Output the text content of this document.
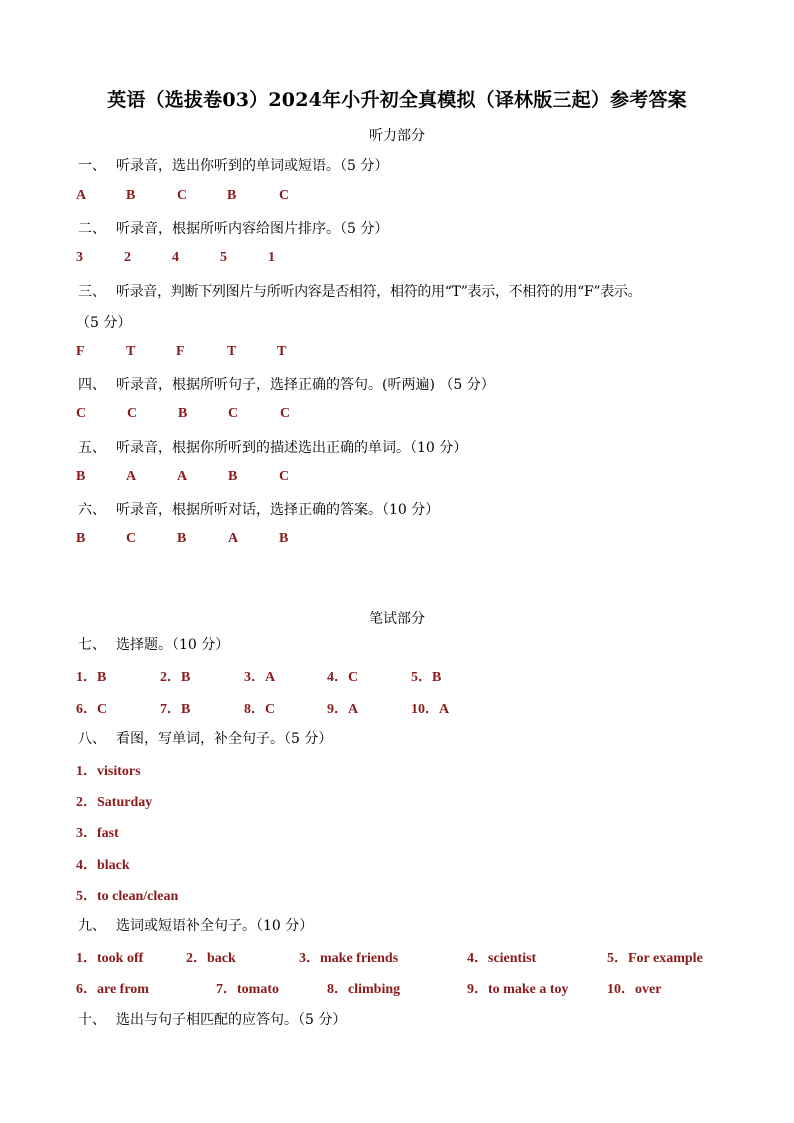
英语（选拔卷03）2024年小升初全真模拟（译林版三起）参考答案
听力部分
一、 听录音，选出你听到的单词或短语。（5 分）
A	B	C	B	C
二、 听录音，根据所听内容给图片排序。（5 分）
3	2	4	5	1
三、 听录音，判断下列图片与所听内容是否相符，相符的用“T”表示，不相符的用“F”表示。
（5 分）
F	T	F	T	T
四、 听录音，根据所听句子，选择正确的答句。(听两遍) （5 分）
C	C	B	C	C
五、 听录音，根据你所听到的描述选出正确的单词。（10 分）
B	A	A	B	C
六、 听录音，根据所听对话，选择正确的答案。（10 分）
B	C	B	A	B
笔试部分
七、 选择题。（10 分）
1．B	2．B	3．A	4．C	5．B
6．C	7．B	8．C	9．A	10．A
八、 看图，写单词，补全句子。（5 分）
1．visitors
2．Saturday
3．fast
4．black
5．to clean/clean
九、 选词或短语补全句子。（10 分）
1．took off	2．back	3．make friends	4．scientist	5．For example
6．are from	7．tomato	8．climbing	9．to make a toy	10．over
十、 选出与句子相匹配的应答句。（5 分）
